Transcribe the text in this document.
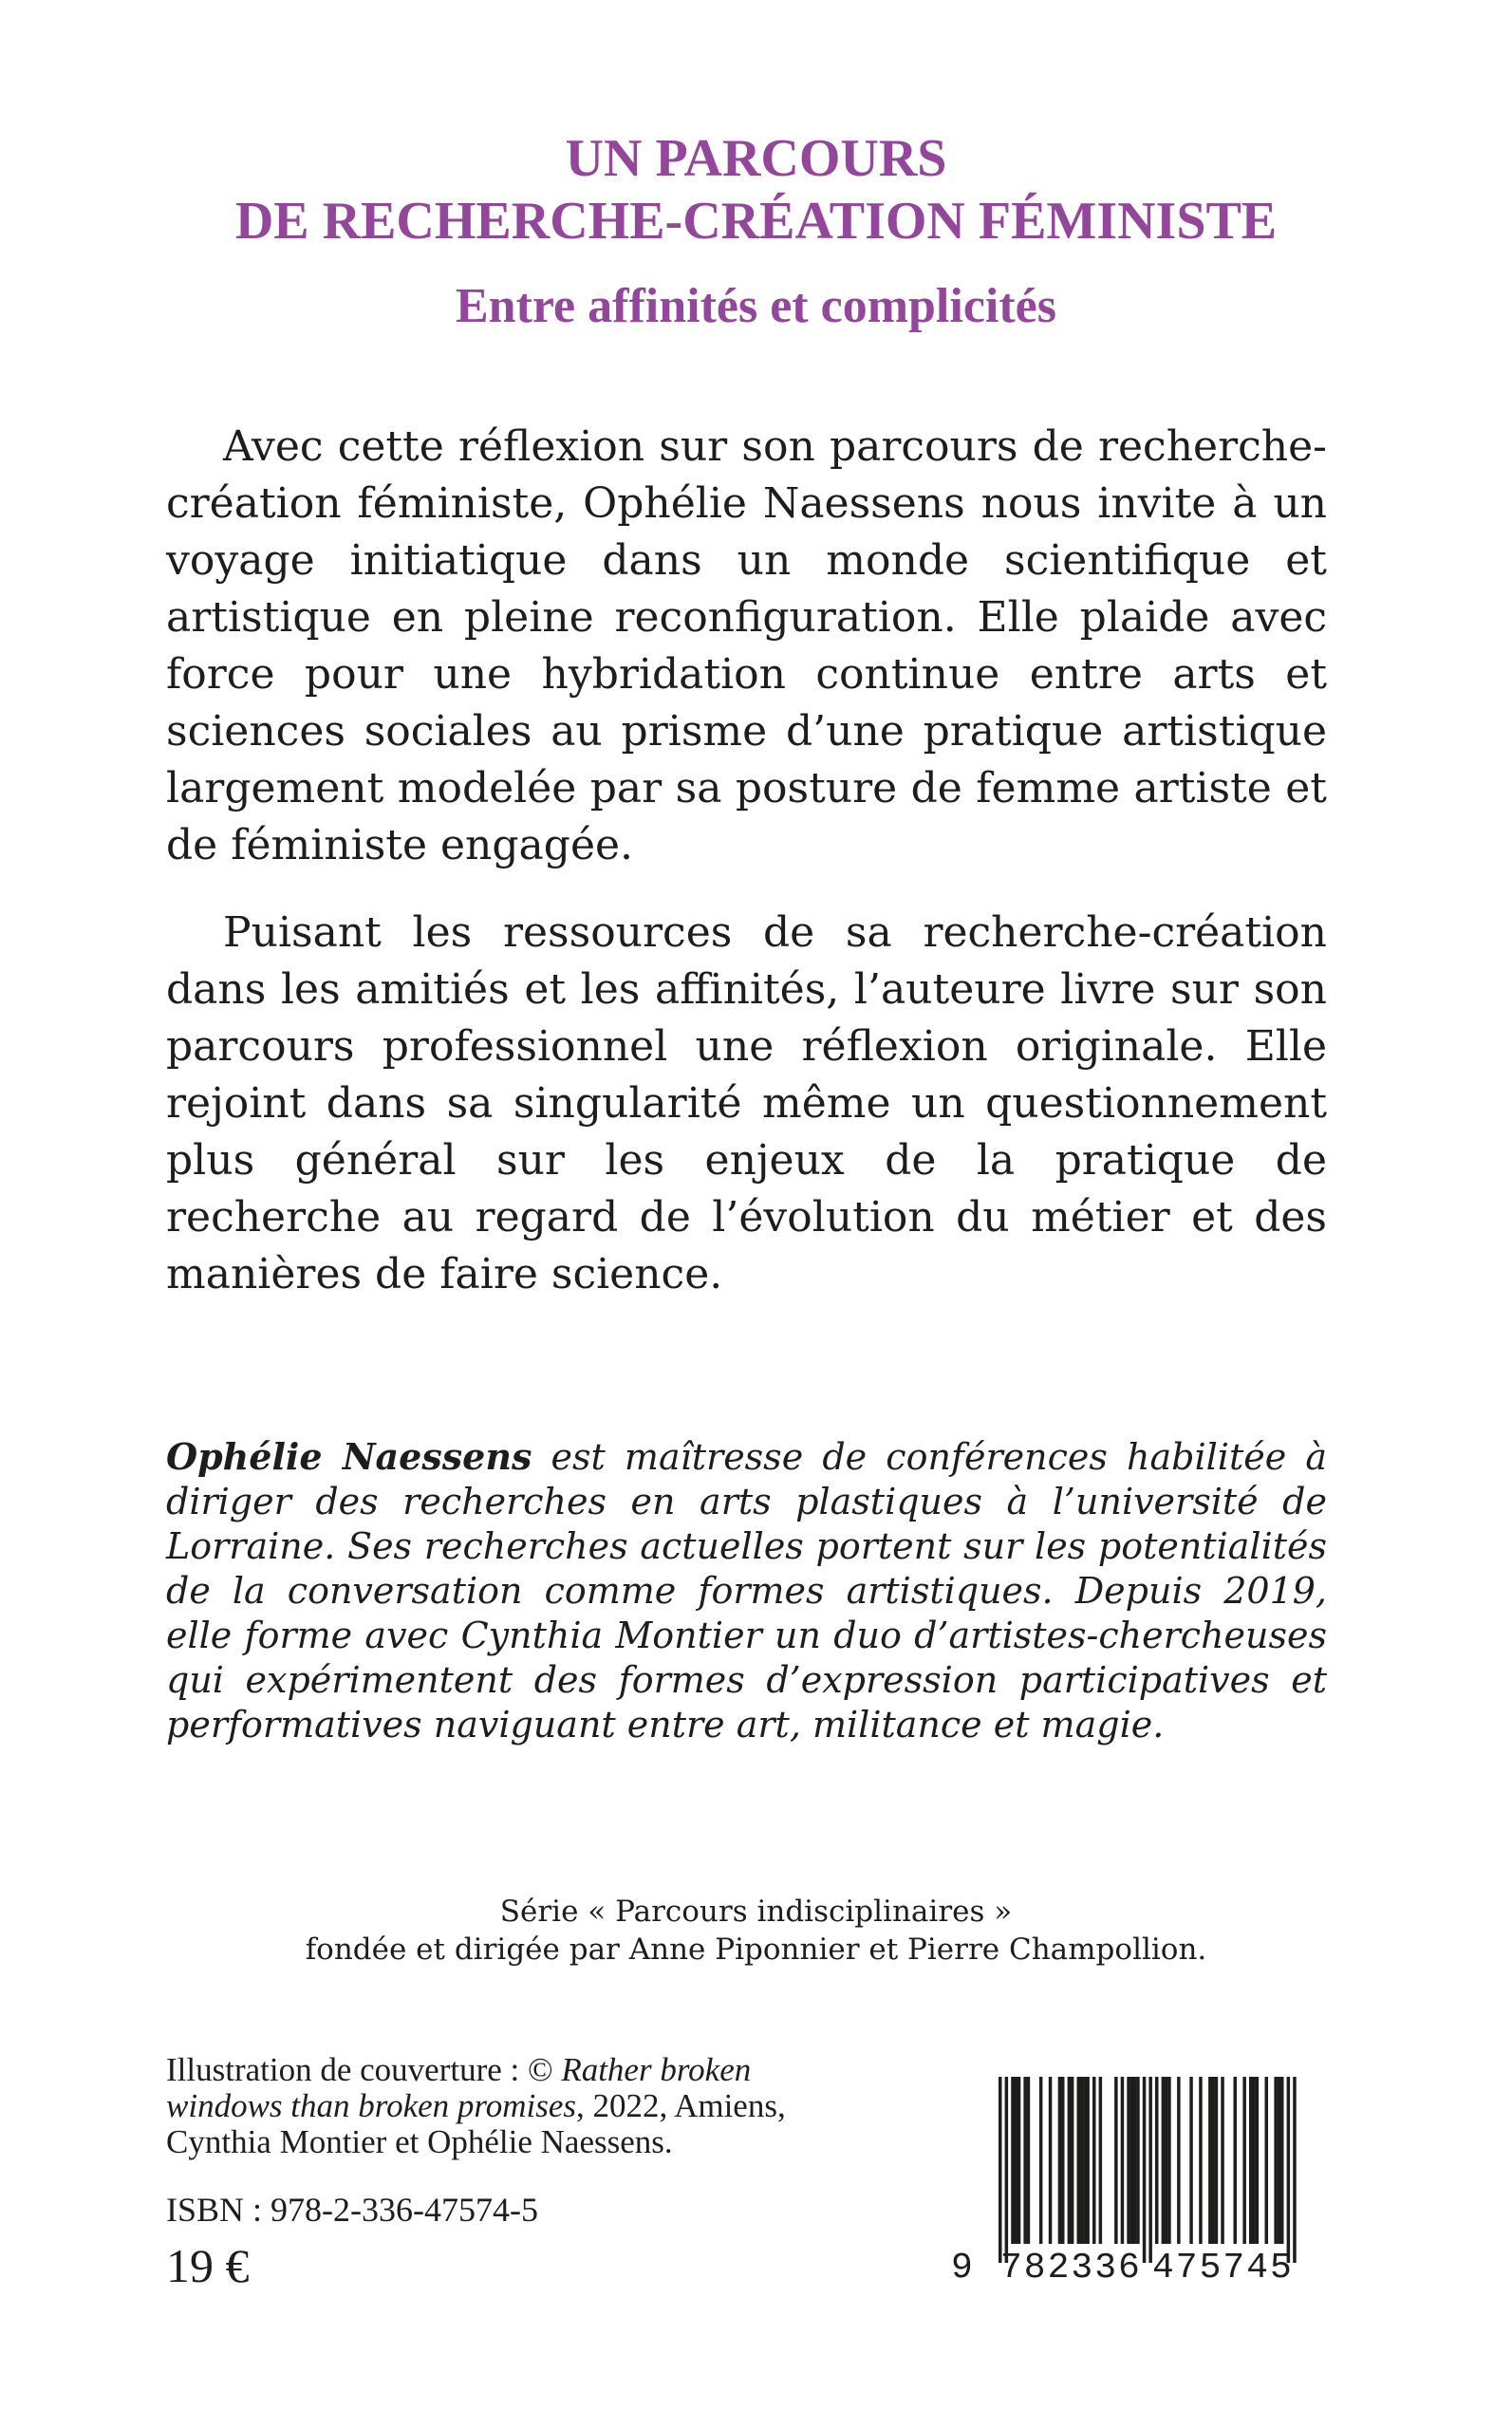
UN PARCOURS
DE RECHERCHE-CRÉATION FÉMINISTE
Entre affinités et complicités

Avec cette réflexion sur son parcours de recherche-création féministe, Ophélie Naessens nous invite à un voyage initiatique dans un monde scientifique et artistique en pleine reconfiguration. Elle plaide avec force pour une hybridation continue entre arts et sciences sociales au prisme d’une pratique artistique largement modelée par sa posture de femme artiste et de féministe engagée.

Puisant les ressources de sa recherche-création dans les amitiés et les affinités, l’auteure livre sur son parcours professionnel une réflexion originale. Elle rejoint dans sa singularité même un questionnement plus général sur les enjeux de la pratique de recherche au regard de l’évolution du métier et des manières de faire science.

Ophélie Naessens est maîtresse de conférences habilitée à diriger des recherches en arts plastiques à l’université de Lorraine. Ses recherches actuelles portent sur les potentialités de la conversation comme formes artistiques. Depuis 2019, elle forme avec Cynthia Montier un duo d’artistes-chercheuses qui expérimentent des formes d’expression participatives et performatives naviguant entre art, militance et magie.

Série « Parcours indisciplinaires »

fondée et dirigée par Anne Piponnier et Pierre Champollion.

Illustration de couverture : © Rather broken

windows than broken promises, 2022, Amiens,

Cynthia Montier et Ophélie Naessens.

ISBN : 978-2-336-47574-5

19 €	9 782336 475745
